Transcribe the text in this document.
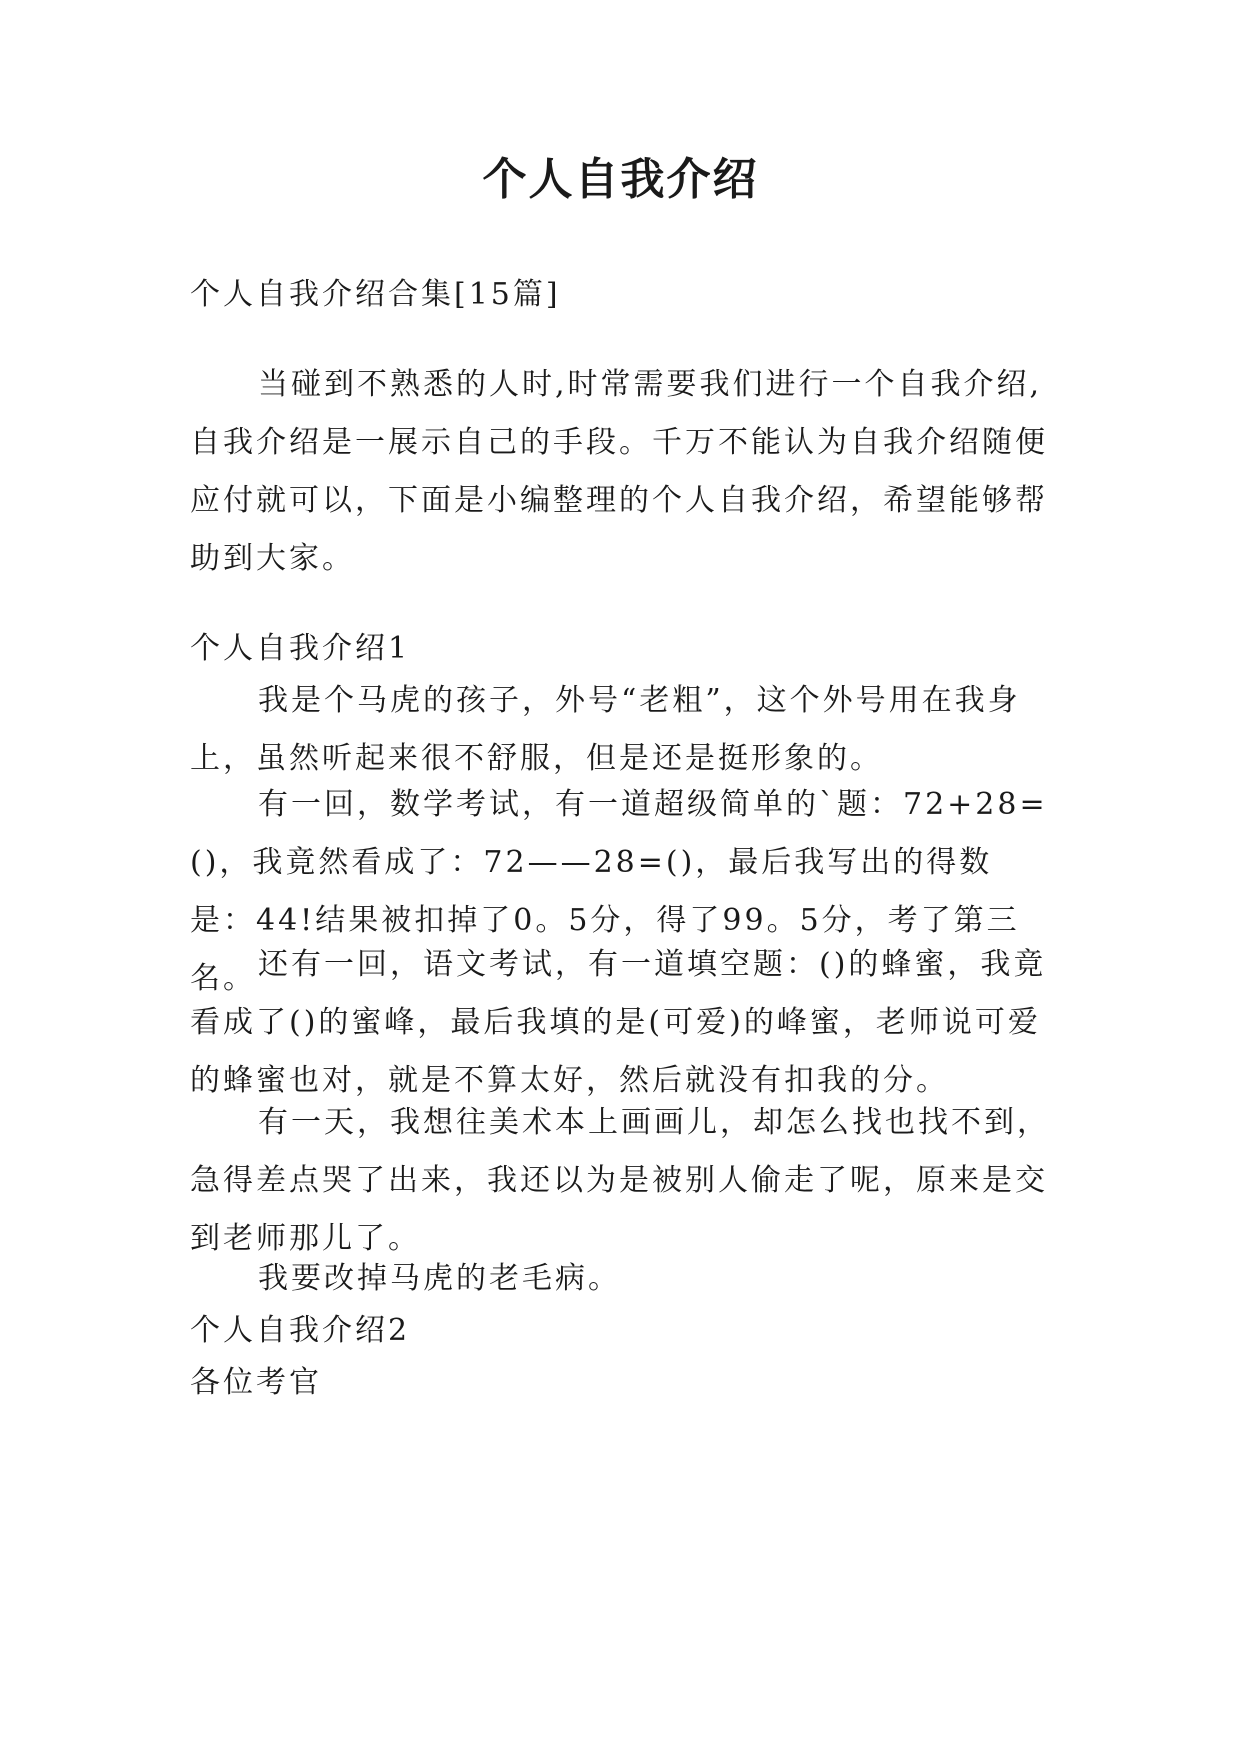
个人自我介绍

个人自我介绍合集[15篇]

当碰到不熟悉的人时,时常需要我们进行一个自我介绍,自我介绍是一展示自己的手段。千万不能认为自我介绍随便应付就可以，下面是小编整理的个人自我介绍，希望能够帮助到大家。

个人自我介绍1

我是个马虎的孩子，外号“老粗”，这个外号用在我身上，虽然听起来很不舒服，但是还是挺形象的。

有一回，数学考试，有一道超级简单的`题：72+28=()，我竟然看成了：72——28=()，最后我写出的得数是：44!结果被扣掉了0。5分，得了99。5分，考了第三名。 还有一回，语文考试，有一道填空题：()的蜂蜜，我竟看成了()的蜜峰，最后我填的是(可爱)的峰蜜，老师说可爱的蜂蜜也对，就是不算太好，然后就没有扣我的分。

有一天，我想往美术本上画画儿，却怎么找也找不到，急得差点哭了出来，我还以为是被别人偷走了呢，原来是交到老师那儿了。

我要改掉马虎的老毛病。

个人自我介绍2

各位考官
